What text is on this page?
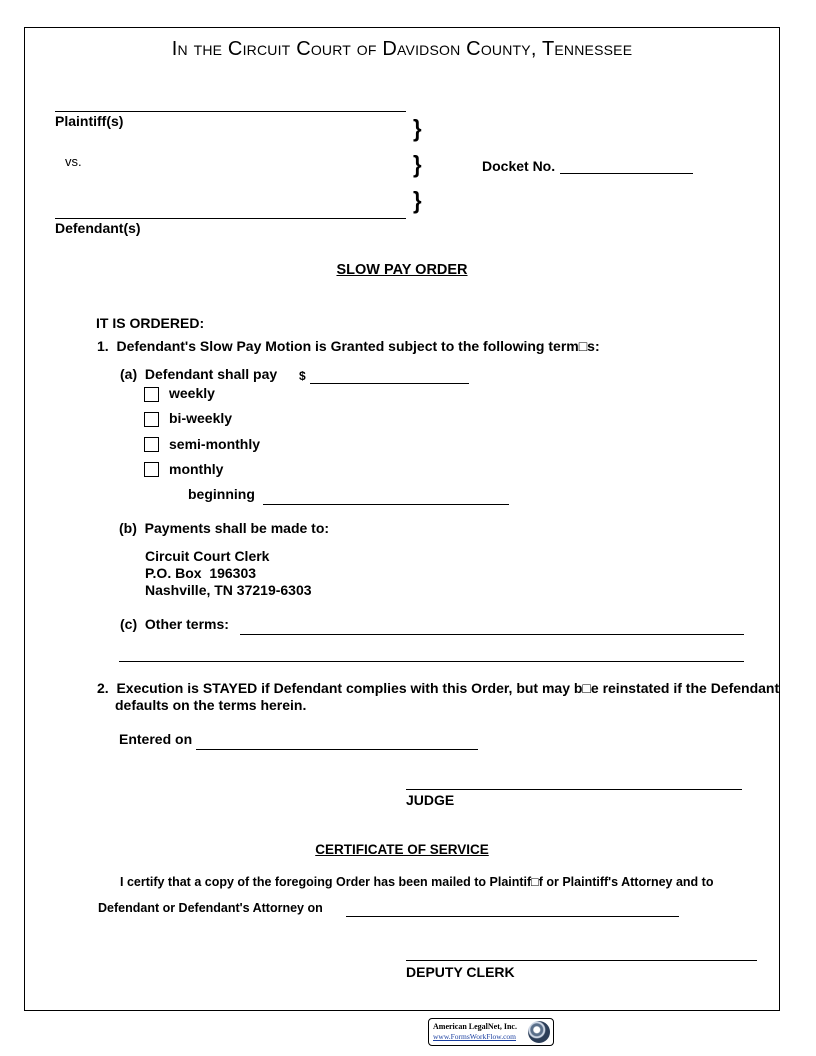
In the Circuit Court of Davidson County, Tennessee
Plaintiff(s)
vs.
Defendant(s)
}
}
}
Docket No.
SLOW PAY ORDER
IT IS ORDERED:
1.  Defendant's Slow Pay Motion is Granted subject to the following term□s:
(a)  Defendant shall pay $
weekly
bi-weekly
semi-monthly
monthly
beginning
(b)  Payments shall be made to:
Circuit Court Clerk
P.O. Box  196303
Nashville, TN 37219-6303
(c)  Other terms:
2.  Execution is STAYED if Defendant complies with this Order, but may b□e reinstated if the Defendant
defaults on the terms herein.
Entered on
JUDGE
CERTIFICATE OF SERVICE
I certify that a copy of the foregoing Order has been mailed to Plaintif□f or Plaintiff's Attorney and to
Defendant or Defendant's Attorney on
DEPUTY CLERK
American LegalNet, Inc.
www.FormsWorkFlow.com
